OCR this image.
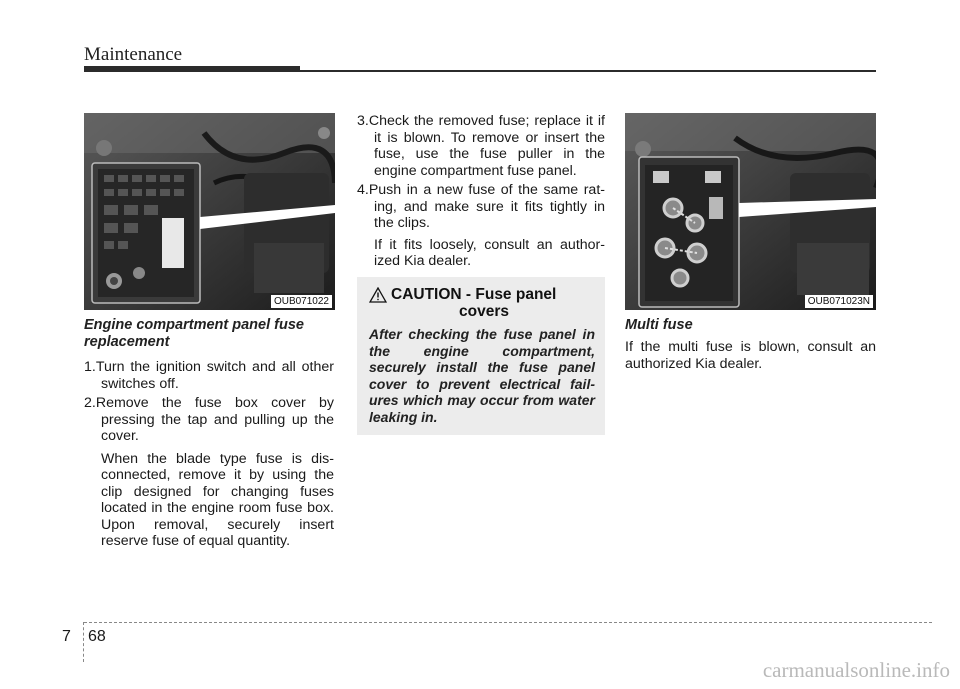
Maintenance
OUB071022

Engine compartment panel fuse replacement

1.Turn the ignition switch and all other switches off.

2.Remove the fuse box cover by pressing the tap and pulling up the cover.

When the blade type fuse is dis-connected, remove it by using the clip designed for changing fuses located in the engine room fuse box. Upon removal, securely insert reserve fuse of equal quantity.

3.Check the removed fuse; replace it if it is blown. To remove or insert the fuse, use the fuse puller in the engine compartment fuse panel.

4.Push in a new fuse of the same rat-ing, and make sure it fits tightly in the clips.

If it fits loosely, consult an author-ized Kia dealer.

CAUTION - Fuse panel
covers
After checking the fuse panel in the engine compartment, securely install the fuse panel cover to prevent electrical fail-ures which may occur from water leaking in.
OUB071023N

Multi fuse

If the multi fuse is blown, consult an authorized Kia dealer.

7 68
carmanualsonline.info
